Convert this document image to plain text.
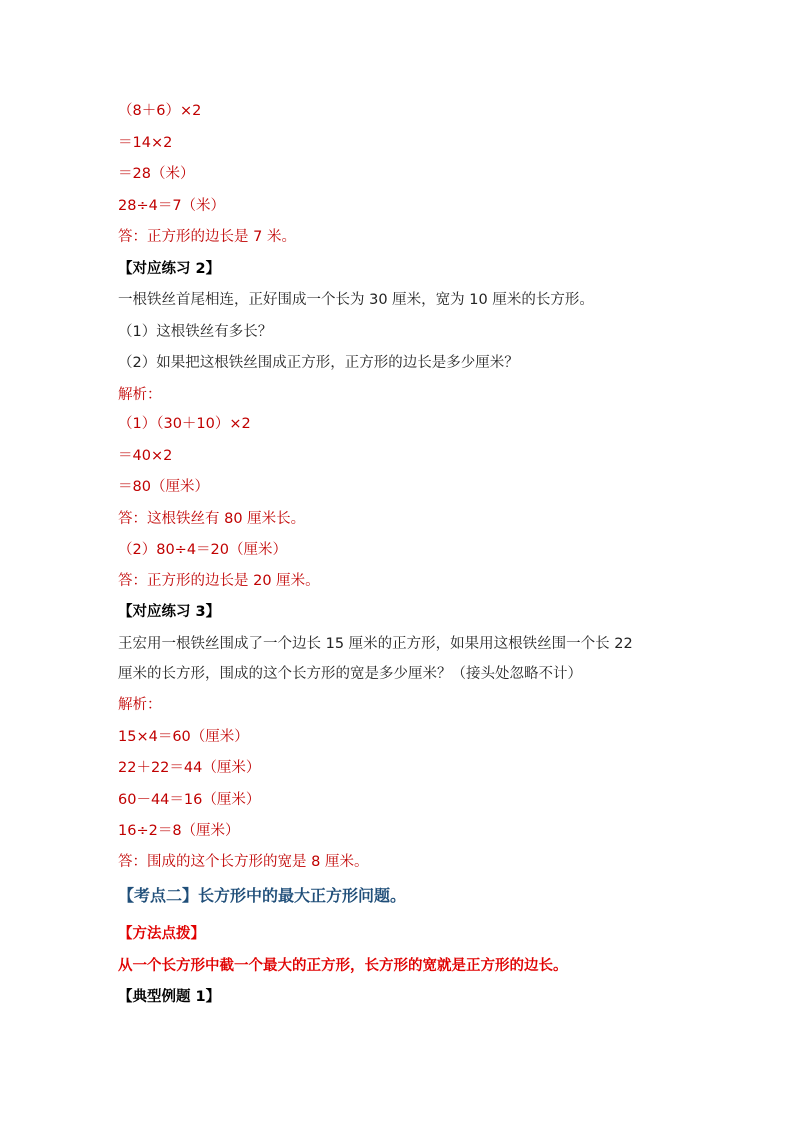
（8＋6）×2
＝14×2
＝28（米）
28÷4＝7（米）
答：正方形的边长是 7 米。
【对应练习 2】
一根铁丝首尾相连，正好围成一个长为 30 厘米，宽为 10 厘米的长方形。
（1）这根铁丝有多长？
（2）如果把这根铁丝围成正方形，正方形的边长是多少厘米？
解析：
（1）（30＋10）×2
＝40×2
＝80（厘米）
答：这根铁丝有 80 厘米长。
（2）80÷4＝20（厘米）
答：正方形的边长是 20 厘米。
【对应练习 3】
王宏用一根铁丝围成了一个边长 15 厘米的正方形，如果用这根铁丝围一个长 22
厘米的长方形，围成的这个长方形的宽是多少厘米？（接头处忽略不计）
解析：
15×4＝60（厘米）
22＋22＝44（厘米）
60－44＝16（厘米）
16÷2＝8（厘米）
答：围成的这个长方形的宽是 8 厘米。
【考点二】长方形中的最大正方形问题。
【方法点拨】
从一个长方形中截一个最大的正方形，长方形的宽就是正方形的边长。
【典型例题 1】
